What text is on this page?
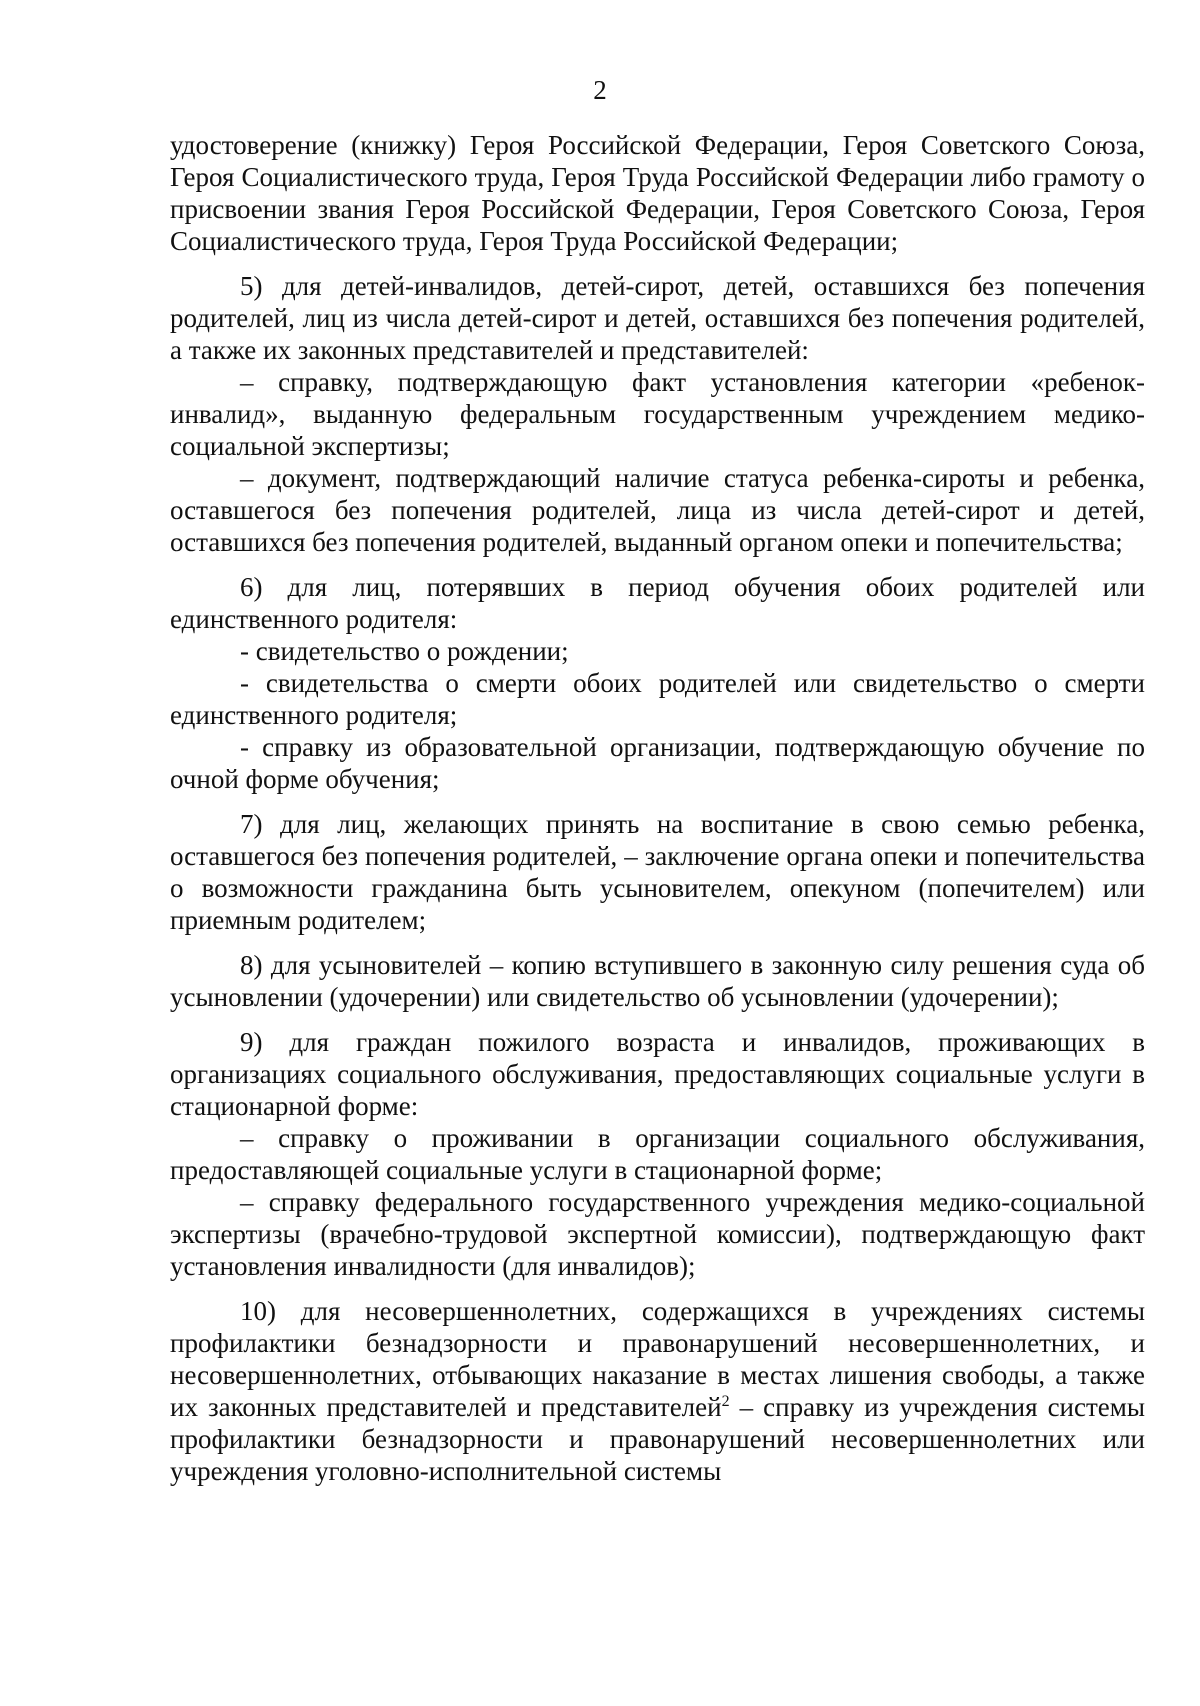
2

удостоверение (книжку) Героя Российской Федерации, Героя Советского Союза, Героя Социалистического труда, Героя Труда Российской Федерации либо грамоту о присвоении звания Героя Российской Федерации, Героя Советского Союза, Героя Социалистического труда, Героя Труда Российской Федерации;

5) для детей-инвалидов, детей-сирот, детей, оставшихся без попечения родителей, лиц из числа детей-сирот и детей, оставшихся без попечения родителей, а также их законных представителей и представителей:

– справку, подтверждающую факт установления категории «ребенок-инвалид», выданную федеральным государственным учреждением медико-социальной экспертизы;

– документ, подтверждающий наличие статуса ребенка-сироты и ребенка, оставшегося без попечения родителей, лица из числа детей-сирот и детей, оставшихся без попечения родителей, выданный органом опеки и попечительства;

6) для лиц, потерявших в период обучения обоих родителей или единственного родителя:

- свидетельство о рождении;

- свидетельства о смерти обоих родителей или свидетельство о смерти единственного родителя;

- справку из образовательной организации, подтверждающую обучение по очной форме обучения;

7) для лиц, желающих принять на воспитание в свою семью ребенка, оставшегося без попечения родителей, – заключение органа опеки и попечительства о возможности гражданина быть усыновителем, опекуном (попечителем) или приемным родителем;

8) для усыновителей – копию вступившего в законную силу решения суда об усыновлении (удочерении) или свидетельство об усыновлении (удочерении);

9) для граждан пожилого возраста и инвалидов, проживающих в организациях социального обслуживания, предоставляющих социальные услуги в стационарной форме:

– справку о проживании в организации социального обслуживания, предоставляющей социальные услуги в стационарной форме;

– справку федерального государственного учреждения медико-социальной экспертизы (врачебно-трудовой экспертной комиссии), подтверждающую факт установления инвалидности (для инвалидов);

10) для несовершеннолетних, содержащихся в учреждениях системы профилактики безнадзорности и правонарушений несовершеннолетних, и несовершеннолетних, отбывающих наказание в местах лишения свободы, а также их законных представителей и представителей$^2$ – справку из учреждения системы профилактики безнадзорности и правонарушений несовершеннолетних или учреждения уголовно-исполнительной системы
